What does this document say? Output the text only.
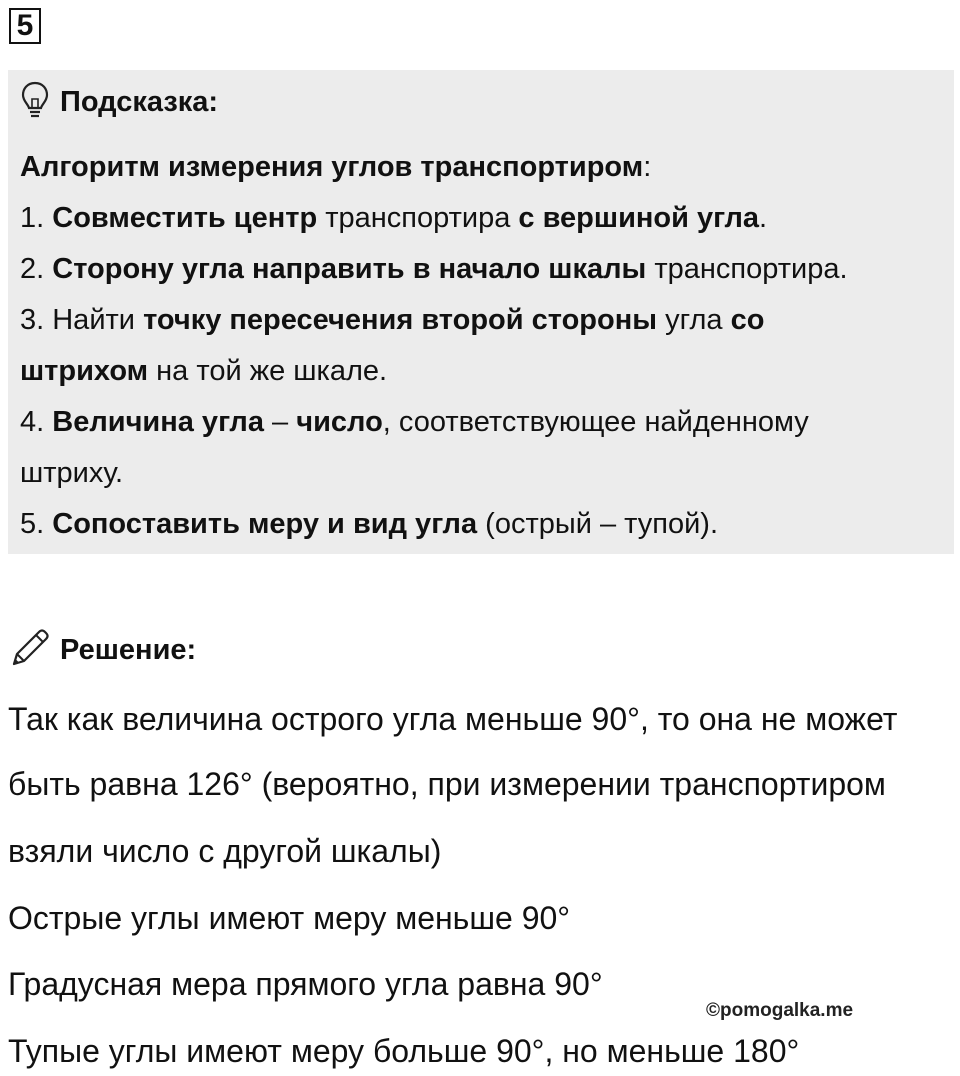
5
Подсказка:
Алгоритм измерения углов транспортиром:
1. Совместить центр транспортира с вершиной угла.
2. Сторону угла направить в начало шкалы транспортира.
3. Найти точку пересечения второй стороны угла со
штрихом на той же шкале.
4. Величина угла – число, соответствующее найденному
штриху.
5. Сопоставить меру и вид угла (острый – тупой).
Решение:
Так как величина острого угла меньше 90°, то она не может
быть равна 126° (вероятно, при измерении транспортиром
взяли число с другой шкалы)
Острые углы имеют меру меньше 90°
Градусная мера прямого угла равна 90°
Тупые углы имеют меру больше 90°, но меньше 180°
©pomogalka.me
